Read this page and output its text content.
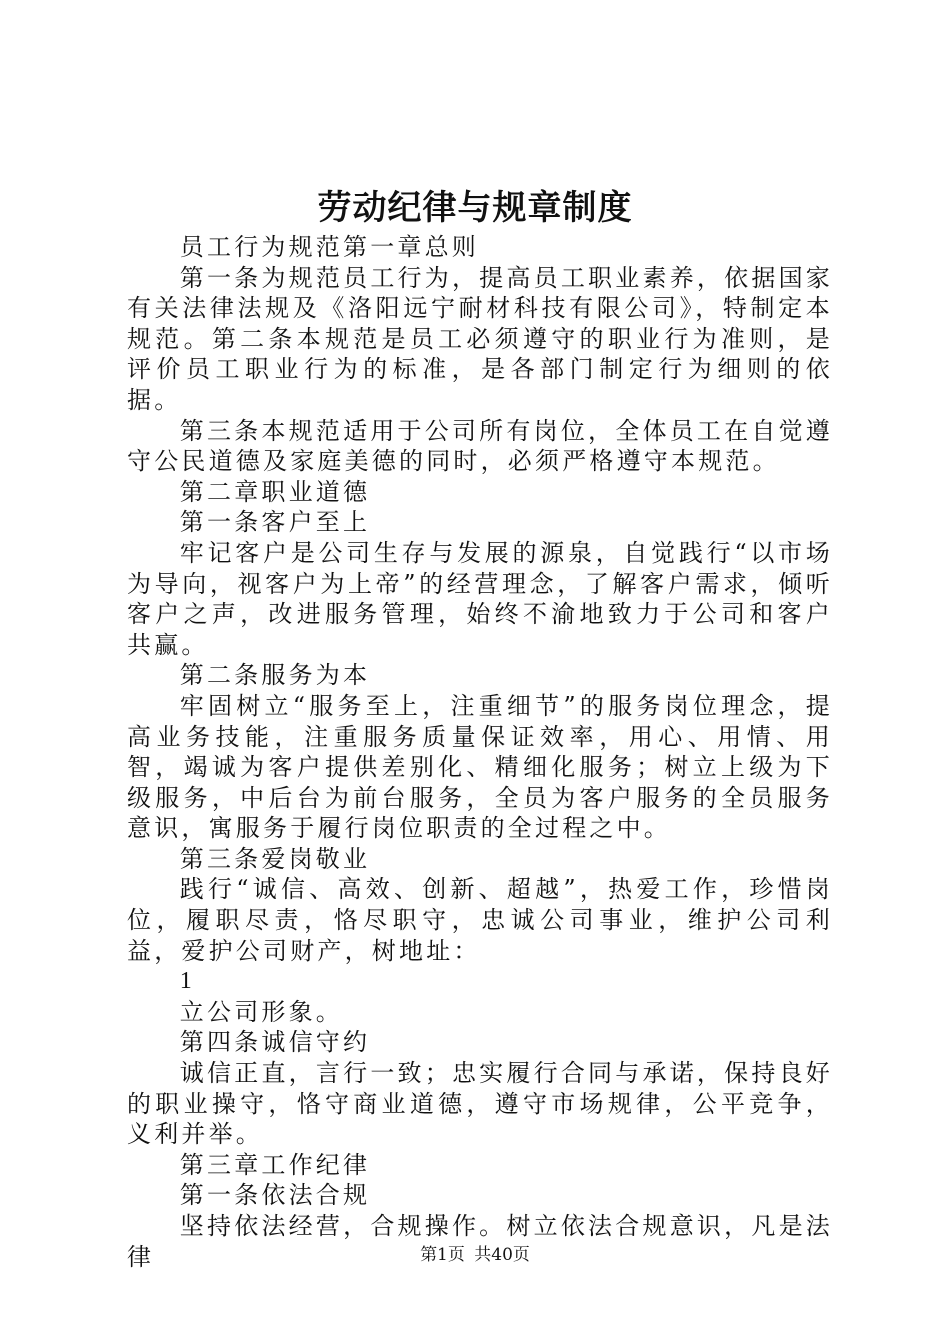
劳动纪律与规章制度

员工行为规范第一章总则

第一条为规范员工行为，提高员工职业素养，依据国家有关法律法规及《洛阳远宁耐材科技有限公司》，特制定本规范。第二条本规范是员工必须遵守的职业行为准则，是评价员工职业行为的标准，是各部门制定行为细则的依据。

第三条本规范适用于公司所有岗位，全体员工在自觉遵守公民道德及家庭美德的同时，必须严格遵守本规范。

第二章职业道德

第一条客户至上

牢记客户是公司生存与发展的源泉，自觉践行“以市场为导向，视客户为上帝”的经营理念，了解客户需求，倾听客户之声，改进服务管理，始终不渝地致力于公司和客户共赢。

第二条服务为本

牢固树立“服务至上，注重细节”的服务岗位理念，提高业务技能，注重服务质量保证效率，用心、用情、用智，竭诚为客户提供差别化、精细化服务；树立上级为下级服务，中后台为前台服务，全员为客户服务的全员服务意识，寓服务于履行岗位职责的全过程之中。

第三条爱岗敬业

践行“诚信、高效、创新、超越”，热爱工作，珍惜岗位，履职尽责，恪尽职守，忠诚公司事业，维护公司利益，爱护公司财产，树地址：

1

立公司形象。

第四条诚信守约

诚信正直，言行一致；忠实履行合同与承诺，保持良好的职业操守，恪守商业道德，遵守市场规律，公平竞争，义利并举。

第三章工作纪律

第一条依法合规

坚持依法经营，合规操作。树立依法合规意识，凡是法律	第1页 共40页
